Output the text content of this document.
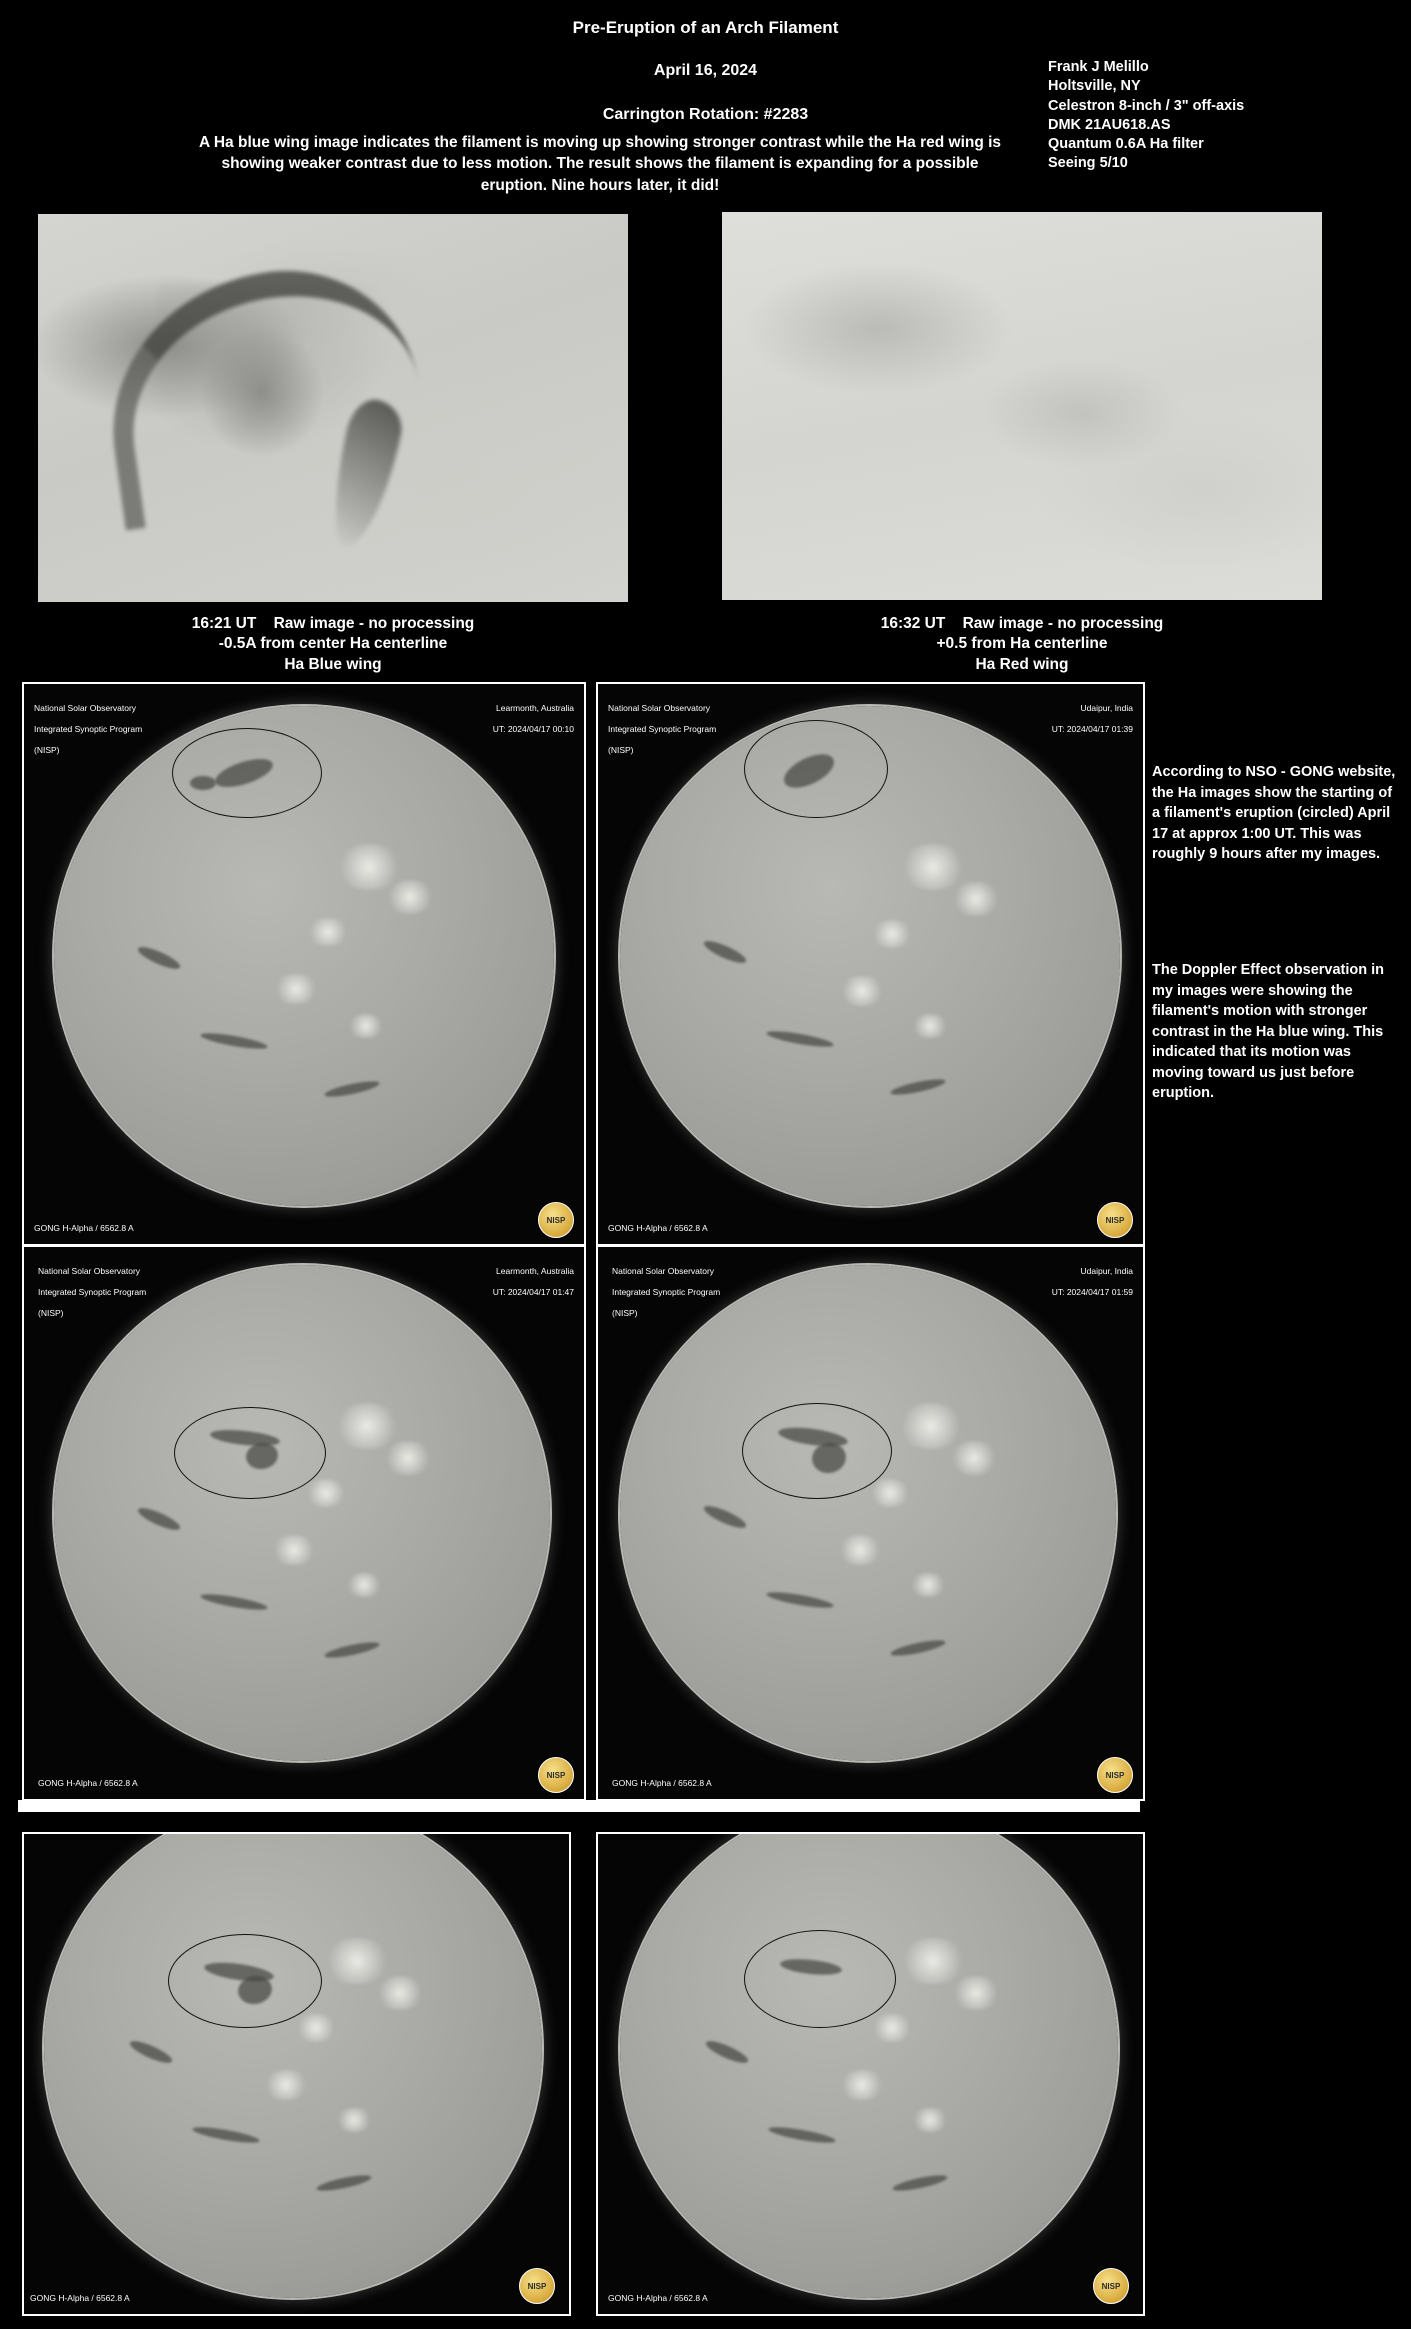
Pre-Eruption of an Arch Filament
April 16, 2024
Carrington Rotation: #2283
A Ha blue wing image indicates the filament is moving up showing stronger contrast while the Ha red wing is showing weaker contrast due to less motion. The result shows the filament is expanding for a possible eruption. Nine hours later, it did!
Frank J Melillo
Holtsville, NY
Celestron 8-inch / 3" off-axis
DMK 21AU618.AS
Quantum 0.6A Ha filter
Seeing 5/10
16:21 UT Raw image - no processing
-0.5A from center Ha centerline
Ha Blue wing
16:32 UT Raw image - no processing
+0.5 from Ha centerline
Ha Red wing

National Solar Observatory

Integrated Synoptic Program

(NISP)

Learmonth, Australia

UT: 2024/04/17 00:10

GONG H-Alpha / 6562.8 A
NISP

National Solar Observatory

Integrated Synoptic Program

(NISP)

Udaipur, India

UT: 2024/04/17 01:39

GONG H-Alpha / 6562.8 A
NISP

National Solar Observatory

Integrated Synoptic Program

(NISP)

Learmonth, Australia

UT: 2024/04/17 01:47

GONG H-Alpha / 6562.8 A
NISP

National Solar Observatory

Integrated Synoptic Program

(NISP)

Udaipur, India

UT: 2024/04/17 01:59

GONG H-Alpha / 6562.8 A
NISP
GONG H-Alpha / 6562.8 A
NISP
GONG H-Alpha / 6562.8 A
NISP
According to NSO - GONG website, the Ha images show the starting of a filament's eruption (circled) April 17 at approx 1:00 UT. This was roughly 9 hours after my images.
The Doppler Effect observation in my images were showing the filament's motion with stronger contrast in the Ha blue wing. This indicated that its motion was moving toward us just before eruption.
